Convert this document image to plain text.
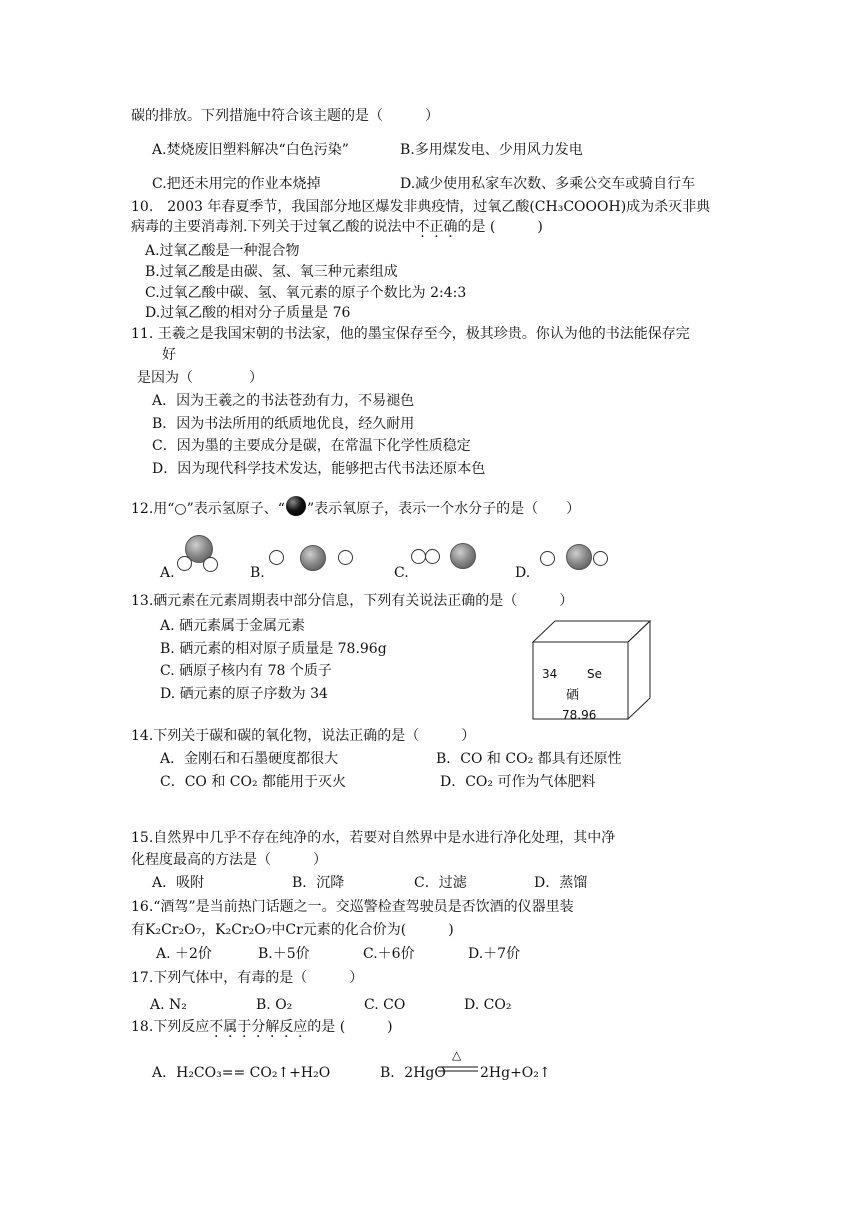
碳的排放。下列措施中符合该主题的是（　　　）
A.焚烧废旧塑料解决“白色污染”	B.多用煤发电、少用风力发电
C.把还未用完的作业本烧掉	D.减少使用私家车次数、多乘公交车或骑自行车
10.　2003 年春夏季节，我国部分地区爆发非典疫情，过氧乙酸(CH₃COOOH)成为杀灭非典
病毒的主要消毒剂.下列关于过氧乙酸的说法中不正确的是 (　　　)
A.过氧乙酸是一种混合物
B.过氧乙酸是由碳、氢、氧三种元素组成
C.过氧乙酸中碳、氢、氧元素的原子个数比为 2:4:3
D.过氧乙酸的相对分子质量是 76
11. 王羲之是我国宋朝的书法家，他的墨宝保存至今，极其珍贵。你认为他的书法能保存完
好
是因为（　　　　）
A．因为王羲之的书法苍劲有力，不易褪色
B．因为书法所用的纸质地优良，经久耐用
C．因为墨的主要成分是碳，在常温下化学性质稳定
D．因为现代科学技术发达，能够把古代书法还原本色
12.用“○”表示氢原子、“ ”表示氧原子，表示一个水分子的是（　　）
A.	B.	C.	D.
13.硒元素在元素周期表中部分信息，下列有关说法正确的是（　　　）
A. 硒元素属于金属元素
B. 硒元素的相对原子质量是 78.96g
C. 硒原子核内有 78 个质子
D. 硒元素的原子序数为 34
34 Se
硒
78.96
14.下列关于碳和碳的氧化物，说法正确的是（　　　）
A．金刚石和石墨硬度都很大	B．CO 和 CO₂ 都具有还原性
C．CO 和 CO₂ 都能用于灭火	D．CO₂ 可作为气体肥料
15.自然界中几乎不存在纯净的水，若要对自然界中是水进行净化处理，其中净
化程度最高的方法是（　　　）
A．吸附	B．沉降	C．过滤	D．蒸馏
16.“酒驾”是当前热门话题之一。交巡警检查驾驶员是否饮酒的仪器里装
有K₂Cr₂O₇，K₂Cr₂O₇中Cr元素的化合价为(　　　)
A. ＋2价	B.＋5价	C.＋6价	D.＋7价
17.下列气体中，有毒的是（　　　）
A. N₂	B. O₂	C. CO	D. CO₂
18.下列反应不属于分解反应的是 (　　　)
A．H₂CO₃== CO₂↑+H₂O	B．2HgO
△
2Hg+O₂↑
